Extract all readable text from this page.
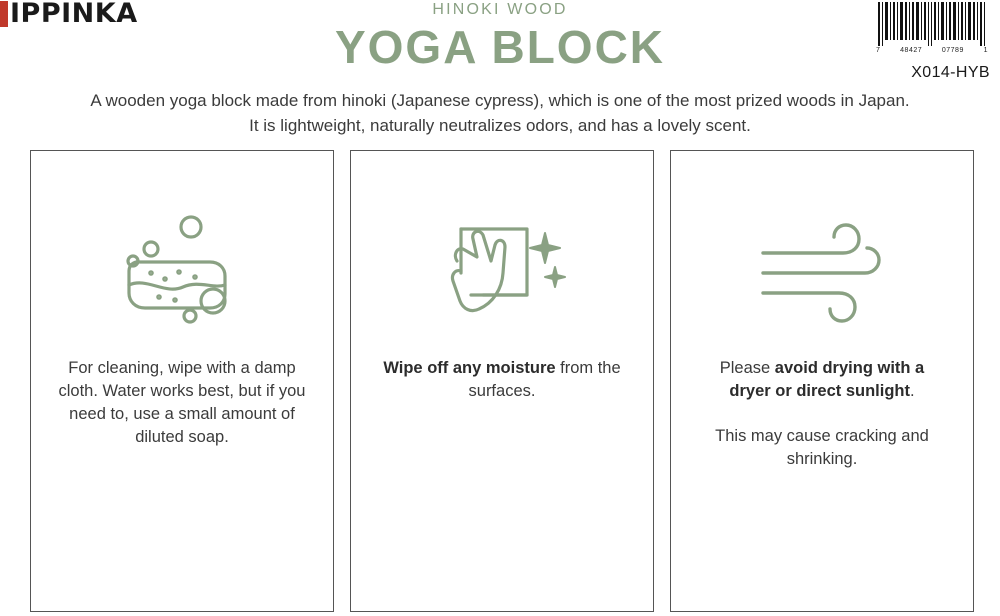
IPPINKA	HINOKI WOOD
YOGA BLOCK	7	48427	07789	1
X014-HYB
A wooden yoga block made from hinoki (Japanese cypress), which is one of the most prized woods in Japan. It is lightweight, naturally neutralizes odors, and has a lovely scent.

For cleaning, wipe with a damp cloth. Water works best, but if you need to, use a small amount of diluted soap.

Wipe off any moisture from the surfaces.

Please avoid drying with a dryer or direct sunlight.

This may cause cracking and shrinking.
